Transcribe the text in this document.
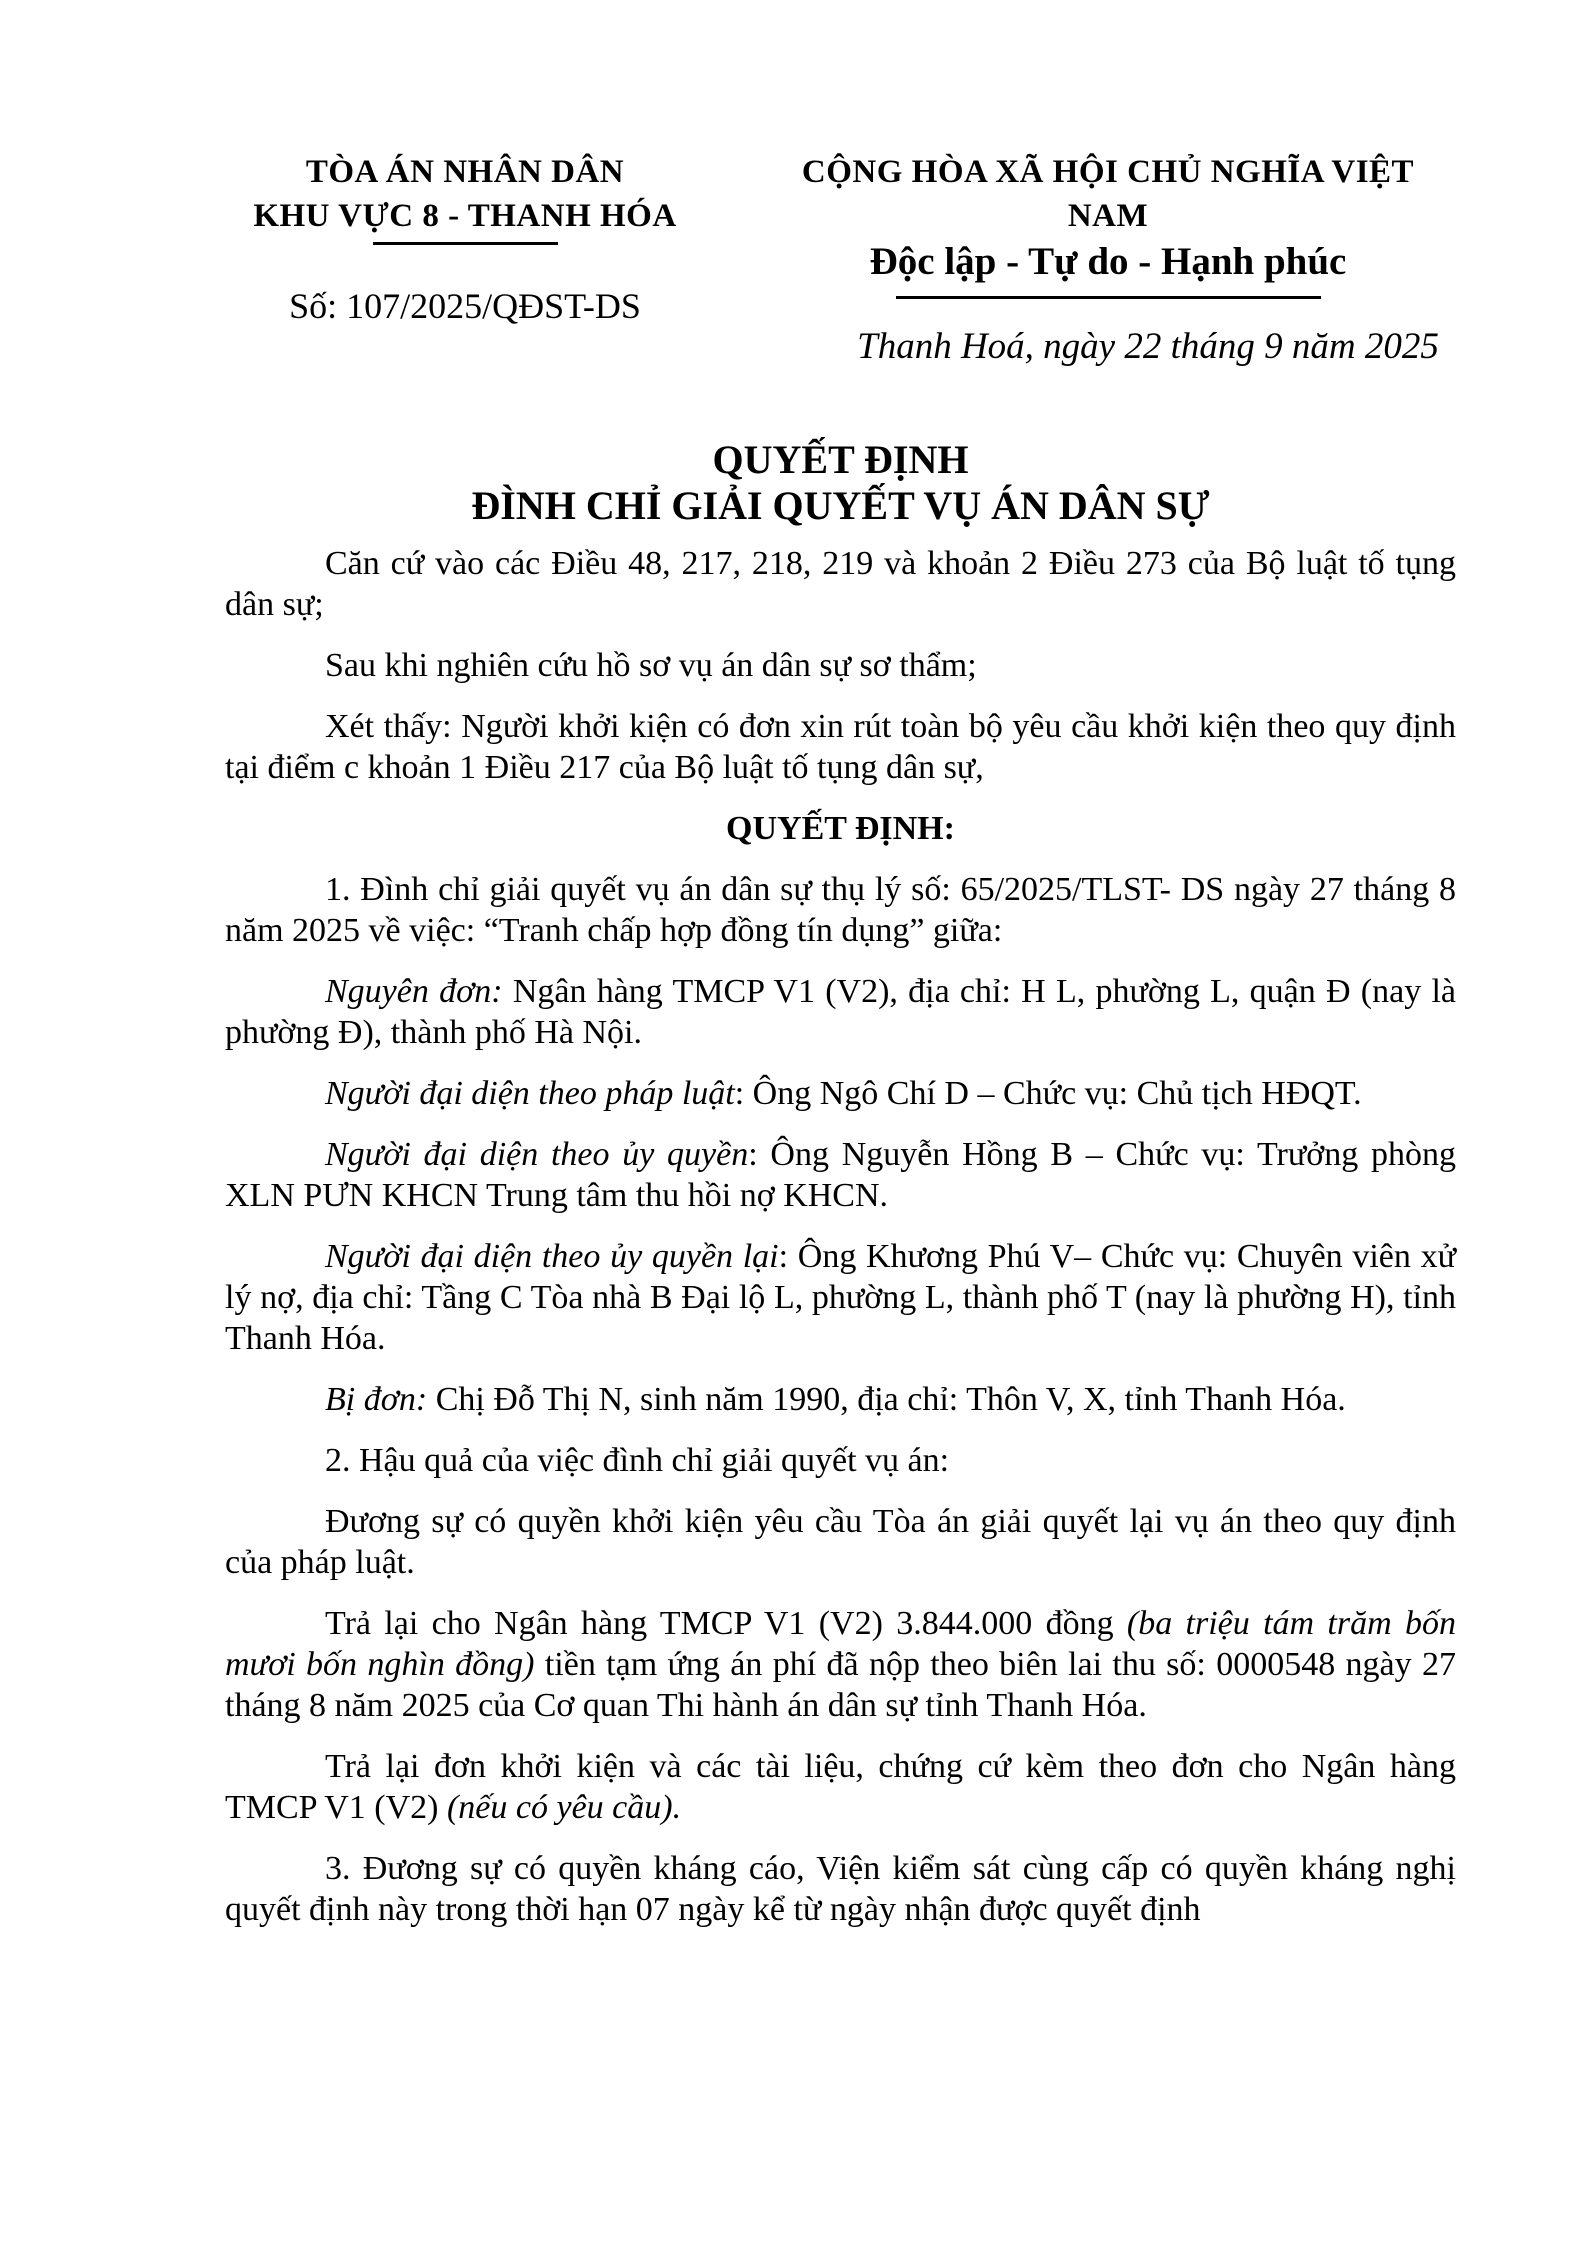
TÒA ÁN NHÂN DÂN
KHU VỰC 8 - THANH HÓA
Số: 107/2025/QĐST-DS
CỘNG HÒA XÃ HỘI CHỦ NGHĨA VIỆT NAM
Độc lập - Tự do - Hạnh phúc
Thanh Hoá, ngày 22 tháng 9 năm 2025
QUYẾT ĐỊNH
ĐÌNH CHỈ GIẢI QUYẾT VỤ ÁN DÂN SỰ

Căn cứ vào các Điều 48, 217, 218, 219 và khoản 2 Điều 273 của Bộ luật tố tụng dân sự;

Sau khi nghiên cứu hồ sơ vụ án dân sự sơ thẩm;

Xét thấy: Người khởi kiện có đơn xin rút toàn bộ yêu cầu khởi kiện theo quy định tại điểm c khoản 1 Điều 217 của Bộ luật tố tụng dân sự,

QUYẾT ĐỊNH:

1. Đình chỉ giải quyết vụ án dân sự thụ lý số: 65/2025/TLST- DS ngày 27 tháng 8 năm 2025 về việc: “Tranh chấp hợp đồng tín dụng” giữa:

Nguyên đơn: Ngân hàng TMCP V1 (V2), địa chỉ: H L, phường L, quận Đ (nay là phường Đ), thành phố Hà Nội.

Người đại diện theo pháp luật: Ông Ngô Chí D – Chức vụ: Chủ tịch HĐQT.

Người đại diện theo ủy quyền: Ông Nguyễn Hồng B – Chức vụ: Trưởng phòng XLN PƯN KHCN Trung tâm thu hồi nợ KHCN.

Người đại diện theo ủy quyền lại: Ông Khương Phú V– Chức vụ: Chuyên viên xử lý nợ, địa chỉ: Tầng C Tòa nhà B Đại lộ L, phường L, thành phố T (nay là phường H), tỉnh Thanh Hóa.

Bị đơn: Chị Đỗ Thị N, sinh năm 1990, địa chỉ: Thôn V, X, tỉnh Thanh Hóa.

2. Hậu quả của việc đình chỉ giải quyết vụ án:

Đương sự có quyền khởi kiện yêu cầu Tòa án giải quyết lại vụ án theo quy định của pháp luật.

Trả lại cho Ngân hàng TMCP V1 (V2) 3.844.000 đồng (ba triệu tám trăm bốn mươi bốn nghìn đồng) tiền tạm ứng án phí đã nộp theo biên lai thu số: 0000548 ngày 27 tháng 8 năm 2025 của Cơ quan Thi hành án dân sự tỉnh Thanh Hóa.

Trả lại đơn khởi kiện và các tài liệu, chứng cứ kèm theo đơn cho Ngân hàng TMCP V1 (V2) (nếu có yêu cầu).

3. Đương sự có quyền kháng cáo, Viện kiểm sát cùng cấp có quyền kháng nghị quyết định này trong thời hạn 07 ngày kể từ ngày nhận được quyết định
